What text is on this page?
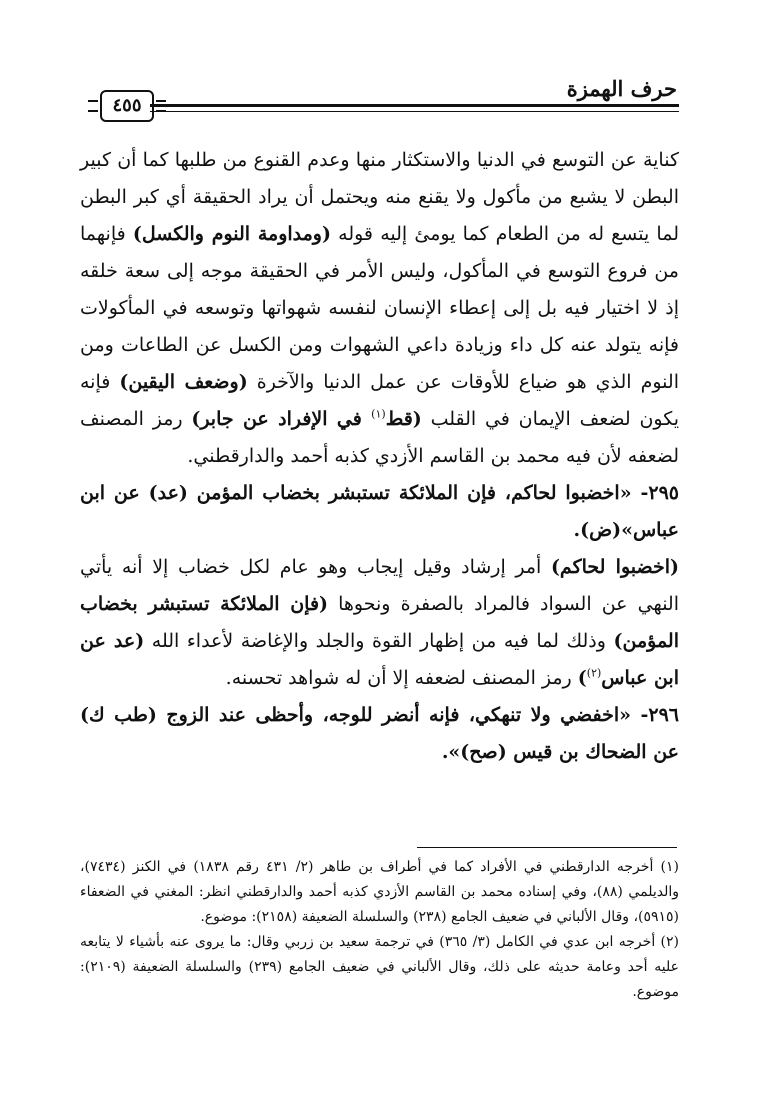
حرف الهمزة
٤٥٥

كناية عن التوسع في الدنيا والاستكثار منها وعدم القنوع من طلبها كما أن كبير البطن لا يشبع من مأكول ولا يقنع منه ويحتمل أن يراد الحقيقة أي كبر البطن لما يتسع له من الطعام كما يومئ إليه قوله (ومداومة النوم والكسل) فإنهما من فروع التوسع في المأكول، وليس الأمر في الحقيقة موجه إلى سعة خلقه إذ لا اختيار فيه بل إلى إعطاء الإنسان لنفسه شهواتها وتوسعه في المأكولات فإنه يتولد عنه كل داء وزيادة داعي الشهوات ومن الكسل عن الطاعات ومن النوم الذي هو ضياع للأوقات عن عمل الدنيا والآخرة (وضعف اليقين) فإنه يكون لضعف الإيمان في القلب (قط$^{(١)}$ في الإفراد عن جابر) رمز المصنف لضعفه لأن فيه محمد بن القاسم الأزدي كذبه أحمد والدارقطني.

٢٩٥- «اخضبوا لحاكم، فإن الملائكة تستبشر بخضاب المؤمن (عد) عن ابن عباس»(ض).

(اخضبوا لحاكم) أمر إرشاد وقيل إيجاب وهو عام لكل خضاب إلا أنه يأتي النهي عن السواد فالمراد بالصفرة ونحوها (فإن الملائكة تستبشر بخضاب المؤمن) وذلك لما فيه من إظهار القوة والجلد والإغاضة لأعداء الله (عد عن ابن عباس$^{(٢)}$) رمز المصنف لضعفه إلا أن له شواهد تحسنه.

٢٩٦- «اخفضي ولا تنهكي، فإنه أنضر للوجه، وأحظى عند الزوج (طب ك) عن الضحاك بن قيس (صح)».

(١) أخرجه الدارقطني في الأفراد كما في أطراف بن طاهر (٢/ ٤٣١ رقم ١٨٣٨) في الكنز (٧٤٣٤)، والديلمي (٨٨)، وفي إسناده محمد بن القاسم الأزدي كذبه أحمد والدارقطني انظر: المغني في الضعفاء (٥٩١٥)، وقال الألباني في ضعيف الجامع (٢٣٨) والسلسلة الضعيفة (٢١٥٨): موضوع.

(٢) أخرجه ابن عدي في الكامل (٣/ ٣٦٥) في ترجمة سعيد بن زربي وقال: ما يروى عنه بأشياء لا يتابعه عليه أحد وعامة حديثه على ذلك، وقال الألباني في ضعيف الجامع (٢٣٩) والسلسلة الضعيفة (٢١٠٩): موضوع.
